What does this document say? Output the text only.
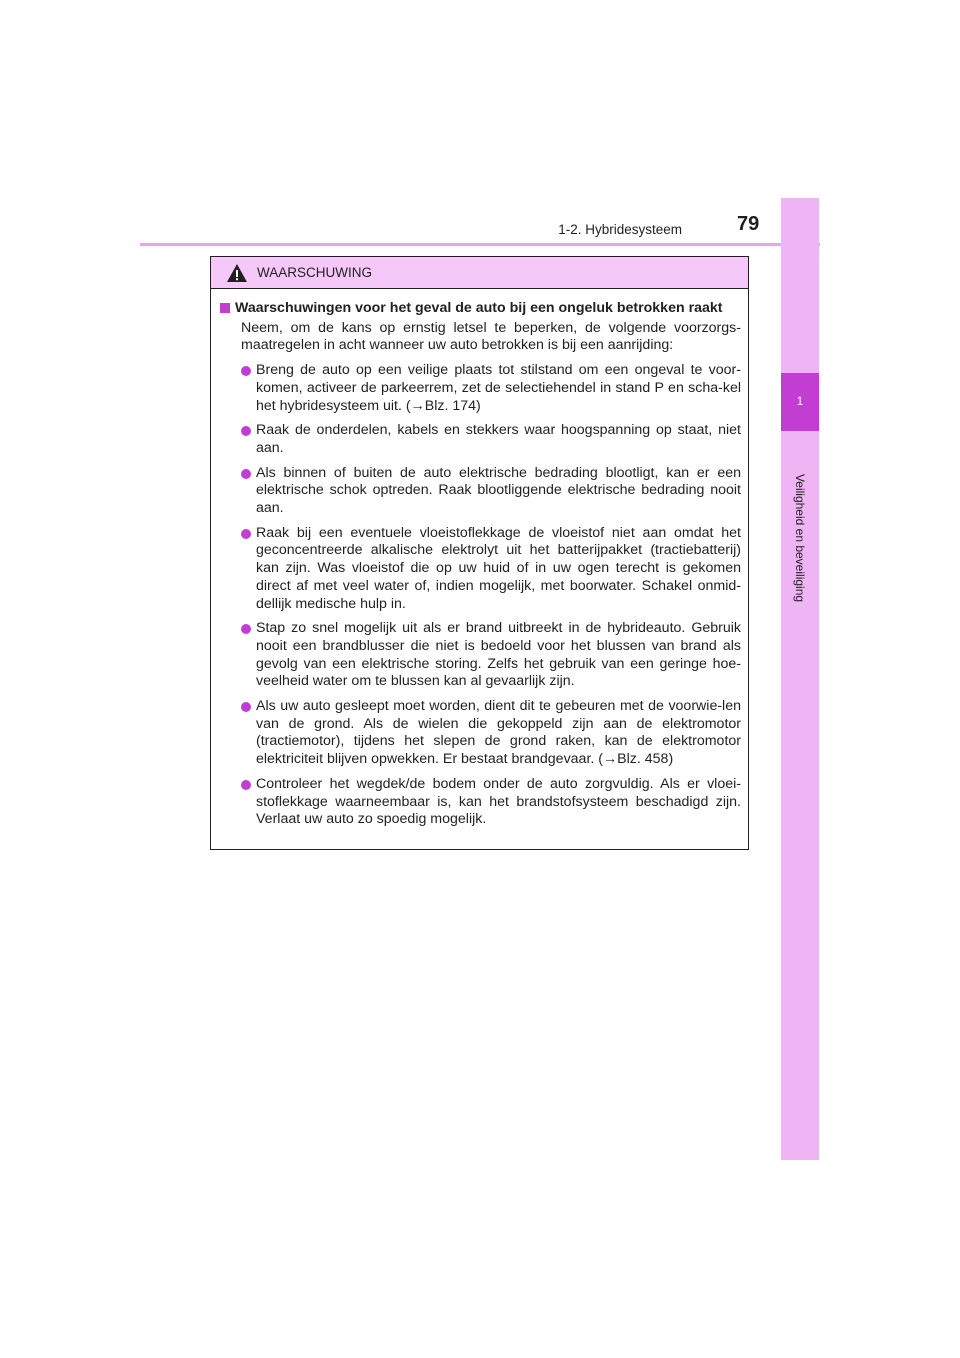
1-2. Hybridesysteem	79
1
Veiligheid en beveiliging
WAARSCHUWING
Waarschuwingen voor het geval de auto bij een ongeluk betrokken raakt
Neem, om de kans op ernstig letsel te beperken, de volgende voorzorgs-maatregelen in acht wanneer uw auto betrokken is bij een aanrijding:
Breng de auto op een veilige plaats tot stilstand om een ongeval te voor-komen, activeer de parkeerrem, zet de selectiehendel in stand P en scha-kel het hybridesysteem uit. (→Blz. 174)
Raak de onderdelen, kabels en stekkers waar hoogspanning op staat, niet aan.
Als binnen of buiten de auto elektrische bedrading blootligt, kan er een elektrische schok optreden. Raak blootliggende elektrische bedrading nooit aan.
Raak bij een eventuele vloeistoflekkage de vloeistof niet aan omdat het geconcentreerde alkalische elektrolyt uit het batterijpakket (tractiebatterij) kan zijn. Was vloeistof die op uw huid of in uw ogen terecht is gekomen direct af met veel water of, indien mogelijk, met boorwater. Schakel onmid-dellijk medische hulp in.
Stap zo snel mogelijk uit als er brand uitbreekt in de hybrideauto. Gebruik nooit een brandblusser die niet is bedoeld voor het blussen van brand als gevolg van een elektrische storing. Zelfs het gebruik van een geringe hoe-veelheid water om te blussen kan al gevaarlijk zijn.
Als uw auto gesleept moet worden, dient dit te gebeuren met de voorwie-len van de grond. Als de wielen die gekoppeld zijn aan de elektromotor (tractiemotor), tijdens het slepen de grond raken, kan de elektromotor elektriciteit blijven opwekken. Er bestaat brandgevaar. (→Blz. 458)
Controleer het wegdek/de bodem onder de auto zorgvuldig. Als er vloei-stoflekkage waarneembaar is, kan het brandstofsysteem beschadigd zijn. Verlaat uw auto zo spoedig mogelijk.
